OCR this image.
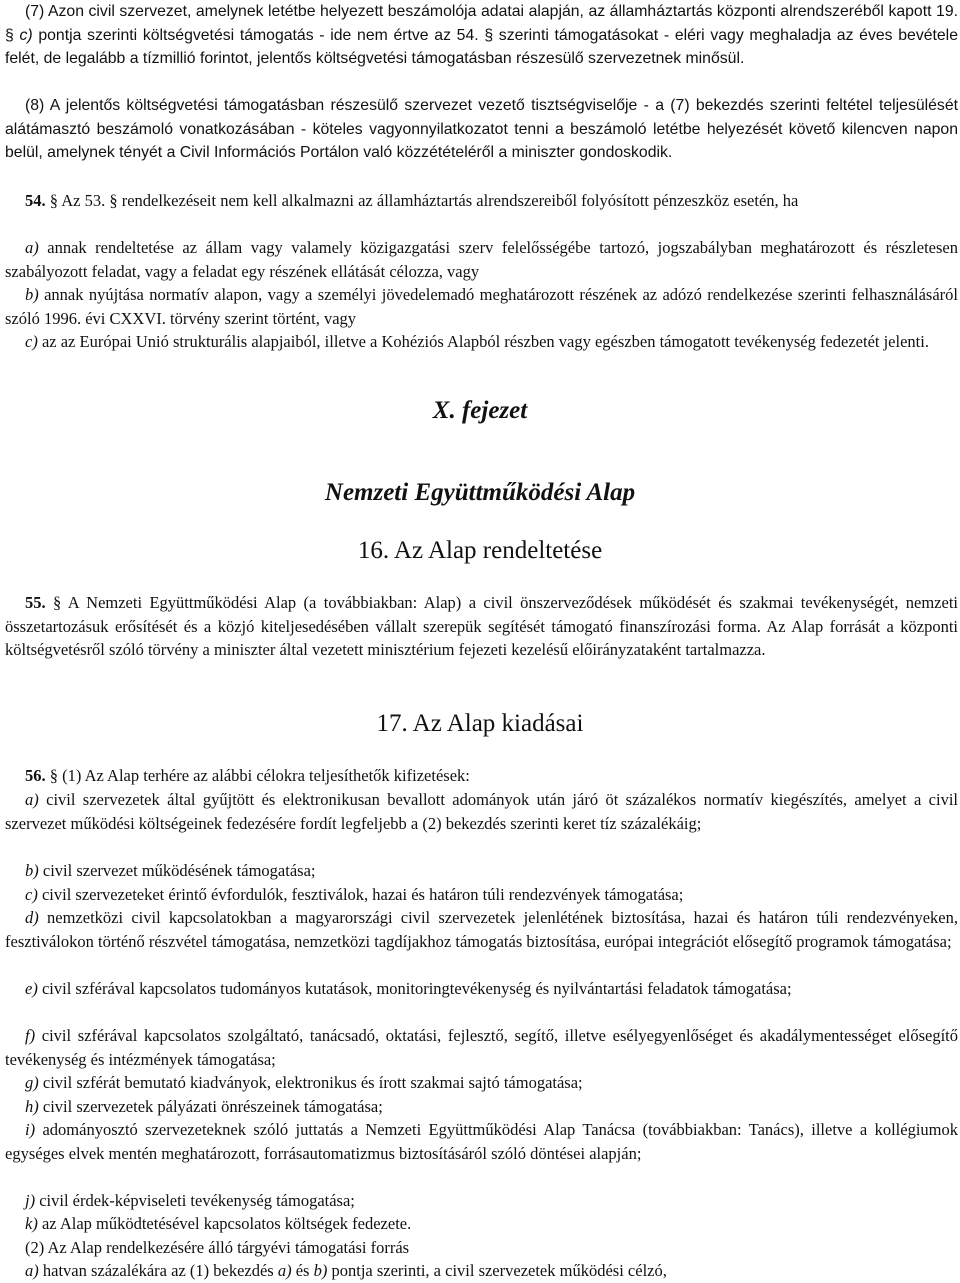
(7) Azon civil szervezet, amelynek letétbe helyezett beszámolója adatai alapján, az államháztartás központi alrendszeréből kapott 19. § c) pontja szerinti költségvetési támogatás - ide nem értve az 54. § szerinti támogatásokat - eléri vagy meghaladja az éves bevétele felét, de legalább a tízmillió forintot, jelentős költségvetési támogatásban részesülő szervezetnek minősül.
(8) A jelentős költségvetési támogatásban részesülő szervezet vezető tisztségviselője - a (7) bekezdés szerinti feltétel teljesülését alátámasztó beszámoló vonatkozásában - köteles vagyonnyilatkozatot tenni a beszámoló letétbe helyezését követő kilencven napon belül, amelynek tényét a Civil Információs Portálon való közzétételéről a miniszter gondoskodik.
54. § Az 53. § rendelkezéseit nem kell alkalmazni az államháztartás alrendszereiből folyósított pénzeszköz esetén, ha
a) annak rendeltetése az állam vagy valamely közigazgatási szerv felelősségébe tartozó, jogszabályban meghatározott és részletesen szabályozott feladat, vagy a feladat egy részének ellátását célozza, vagy
b) annak nyújtása normatív alapon, vagy a személyi jövedelemadó meghatározott részének az adózó rendelkezése szerinti felhasználásáról szóló 1996. évi CXXVI. törvény szerint történt, vagy
c) az az Európai Unió strukturális alapjaiból, illetve a Kohéziós Alapból részben vagy egészben támogatott tevékenység fedezetét jelenti.
X. fejezet
Nemzeti Együttműködési Alap
16. Az Alap rendeltetése
55. § A Nemzeti Együttműködési Alap (a továbbiakban: Alap) a civil önszerveződések működését és szakmai tevékenységét, nemzeti összetartozásuk erősítését és a közjó kiteljesedésében vállalt szerepük segítését támogató finanszírozási forma. Az Alap forrását a központi költségvetésről szóló törvény a miniszter által vezetett minisztérium fejezeti kezelésű előirányzataként tartalmazza.
17. Az Alap kiadásai
56. § (1) Az Alap terhére az alábbi célokra teljesíthetők kifizetések:
a) civil szervezetek által gyűjtött és elektronikusan bevallott adományok után járó öt százalékos normatív kiegészítés, amelyet a civil szervezet működési költségeinek fedezésére fordít legfeljebb a (2) bekezdés szerinti keret tíz százalékáig;
b) civil szervezet működésének támogatása;
c) civil szervezeteket érintő évfordulók, fesztiválok, hazai és határon túli rendezvények támogatása;
d) nemzetközi civil kapcsolatokban a magyarországi civil szervezetek jelenlétének biztosítása, hazai és határon túli rendezvényeken, fesztiválokon történő részvétel támogatása, nemzetközi tagdíjakhoz támogatás biztosítása, európai integrációt elősegítő programok támogatása;
e) civil szférával kapcsolatos tudományos kutatások, monitoringtevékenység és nyilvántartási feladatok támogatása;
f) civil szférával kapcsolatos szolgáltató, tanácsadó, oktatási, fejlesztő, segítő, illetve esélyegyenlőséget és akadálymentességet elősegítő tevékenység és intézmények támogatása;
g) civil szférát bemutató kiadványok, elektronikus és írott szakmai sajtó támogatása;
h) civil szervezetek pályázati önrészeinek támogatása;
i) adományosztó szervezeteknek szóló juttatás a Nemzeti Együttműködési Alap Tanácsa (továbbiakban: Tanács), illetve a kollégiumok egységes elvek mentén meghatározott, forrásautomatizmus biztosításáról szóló döntései alapján;
j) civil érdek-képviseleti tevékenység támogatása;
k) az Alap működtetésével kapcsolatos költségek fedezete.
(2) Az Alap rendelkezésére álló tárgyévi támogatási forrás
a) hatvan százalékára az (1) bekezdés a) és b) pontja szerinti, a civil szervezetek működési célzó,
